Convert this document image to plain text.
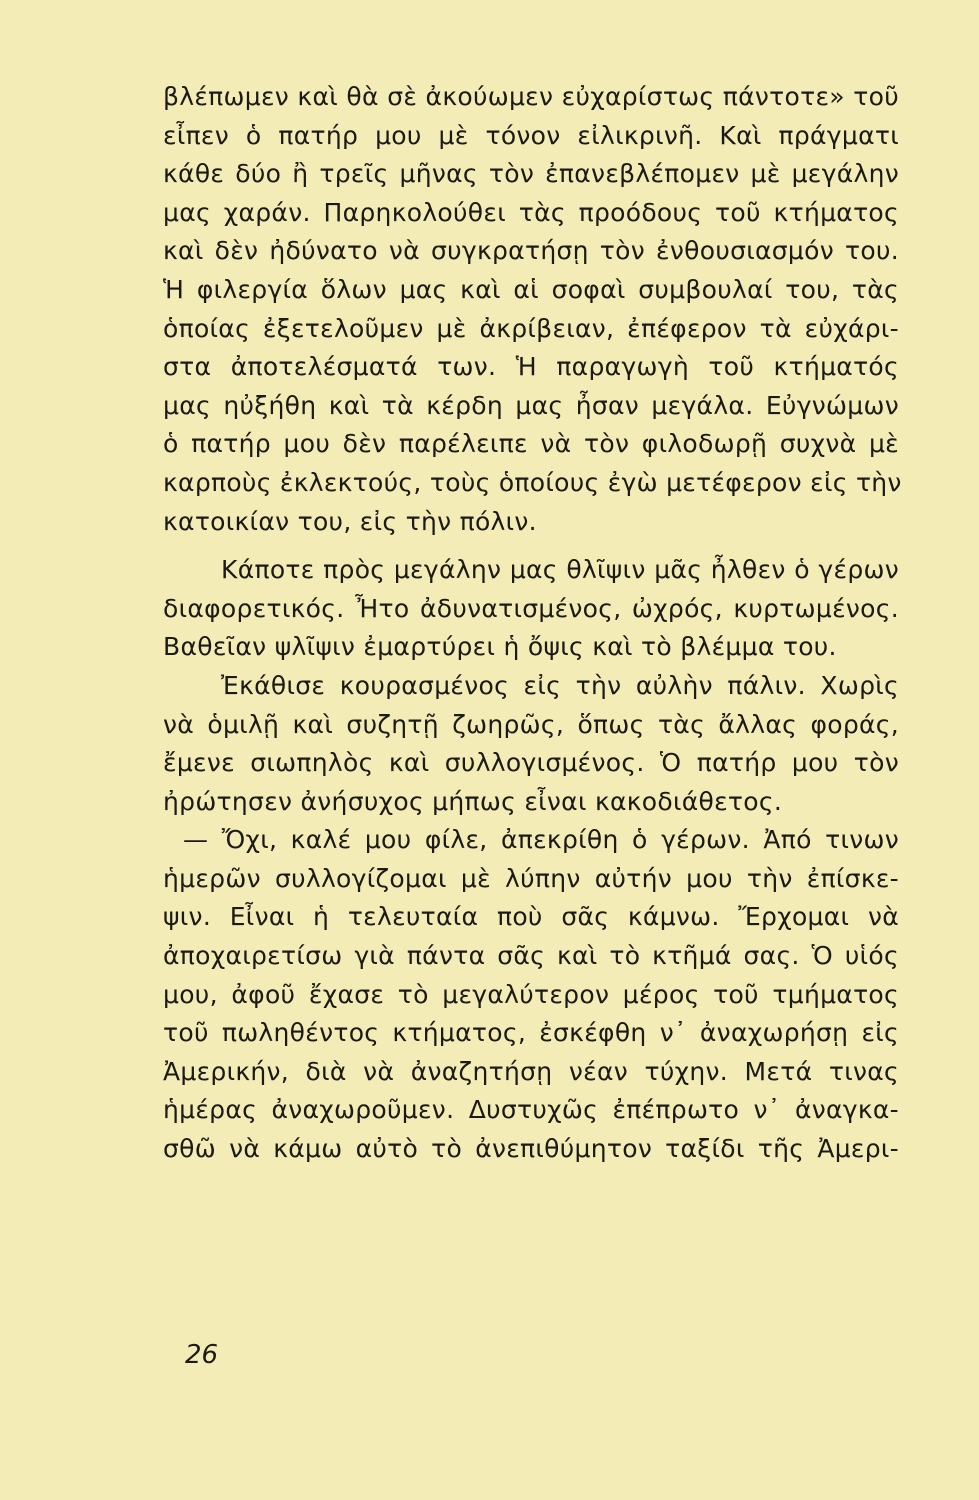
βλέπωμεν καὶ θὰ σὲ ἀκούωμεν εὐχαρίστως πάντοτε» τοῦ
εἶπεν ὁ πατήρ μου μὲ τόνον εἰλικρινῆ. Καὶ πράγματι
κάθε δύο ἢ τρεῖς μῆνας τὸν ἐπανεβλέπομεν μὲ μεγάλην
μας χαράν. Παρηκολούθει τὰς προόδους τοῦ κτήματος
καὶ δὲν ἠδύνατο νὰ συγκρατήσῃ τὸν ἐνθουσιασμόν του.
Ἡ φιλεργία ὅλων μας καὶ αἱ σοφαὶ συμβουλαί του, τὰς
ὁποίας ἐξετελοῦμεν μὲ ἀκρίβειαν, ἐπέφερον τὰ εὐχάρι-
στα ἀποτελέσματά των. Ἡ παραγωγὴ τοῦ κτήματός
μας ηὐξήθη καὶ τὰ κέρδη μας ἦσαν μεγάλα. Εὐγνώμων
ὁ πατήρ μου δὲν παρέλειπε νὰ τὸν φιλοδωρῇ συχνὰ μὲ
καρποὺς ἐκλεκτούς, τοὺς ὁποίους ἐγὼ μετέφερον εἰς τὴν
κατοικίαν του, εἰς τὴν πόλιν.
Κάποτε πρὸς μεγάλην μας θλῖψιν μᾶς ἦλθεν ὁ γέρων
διαφορετικός. Ἦτο ἀδυνατισμένος, ὠχρός, κυρτωμένος.
Βαθεῖαν ψλῖψιν ἐμαρτύρει ἡ ὄψις καὶ τὸ βλέμμα του.
Ἐκάθισε κουρασμένος εἰς τὴν αὐλὴν πάλιν. Χωρὶς
νὰ ὁμιλῇ καὶ συζητῇ ζωηρῶς, ὅπως τὰς ἄλλας φοράς,
ἔμενε σιωπηλὸς καὶ συλλογισμένος. Ὁ πατήρ μου τὸν
ἠρώτησεν ἀνήσυχος μήπως εἶναι κακοδιάθετος.
— Ὄχι, καλέ μου φίλε, ἀπεκρίθη ὁ γέρων. Ἀπό τινων
ἡμερῶν συλλογίζομαι μὲ λύπην αὐτήν μου τὴν ἐπίσκε-
ψιν. Εἶναι ἡ τελευταία ποὺ σᾶς κάμνω. Ἔρχομαι νὰ
ἀποχαιρετίσω γιὰ πάντα σᾶς καὶ τὸ κτῆμά σας. Ὁ υἱός
μου, ἀφοῦ ἔχασε τὸ μεγαλύτερον μέρος τοῦ τμήματος
τοῦ πωληθέντος κτήματος, ἐσκέφθη ν᾽ ἀναχωρήσῃ εἰς
Ἀμερικήν, διὰ νὰ ἀναζητήσῃ νέαν τύχην. Μετά τινας
ἡμέρας ἀναχωροῦμεν. Δυστυχῶς ἐπέπρωτο ν᾽ ἀναγκα-
σθῶ νὰ κάμω αὐτὸ τὸ ἀνεπιθύμητον ταξίδι τῆς Ἀμερι-
26
